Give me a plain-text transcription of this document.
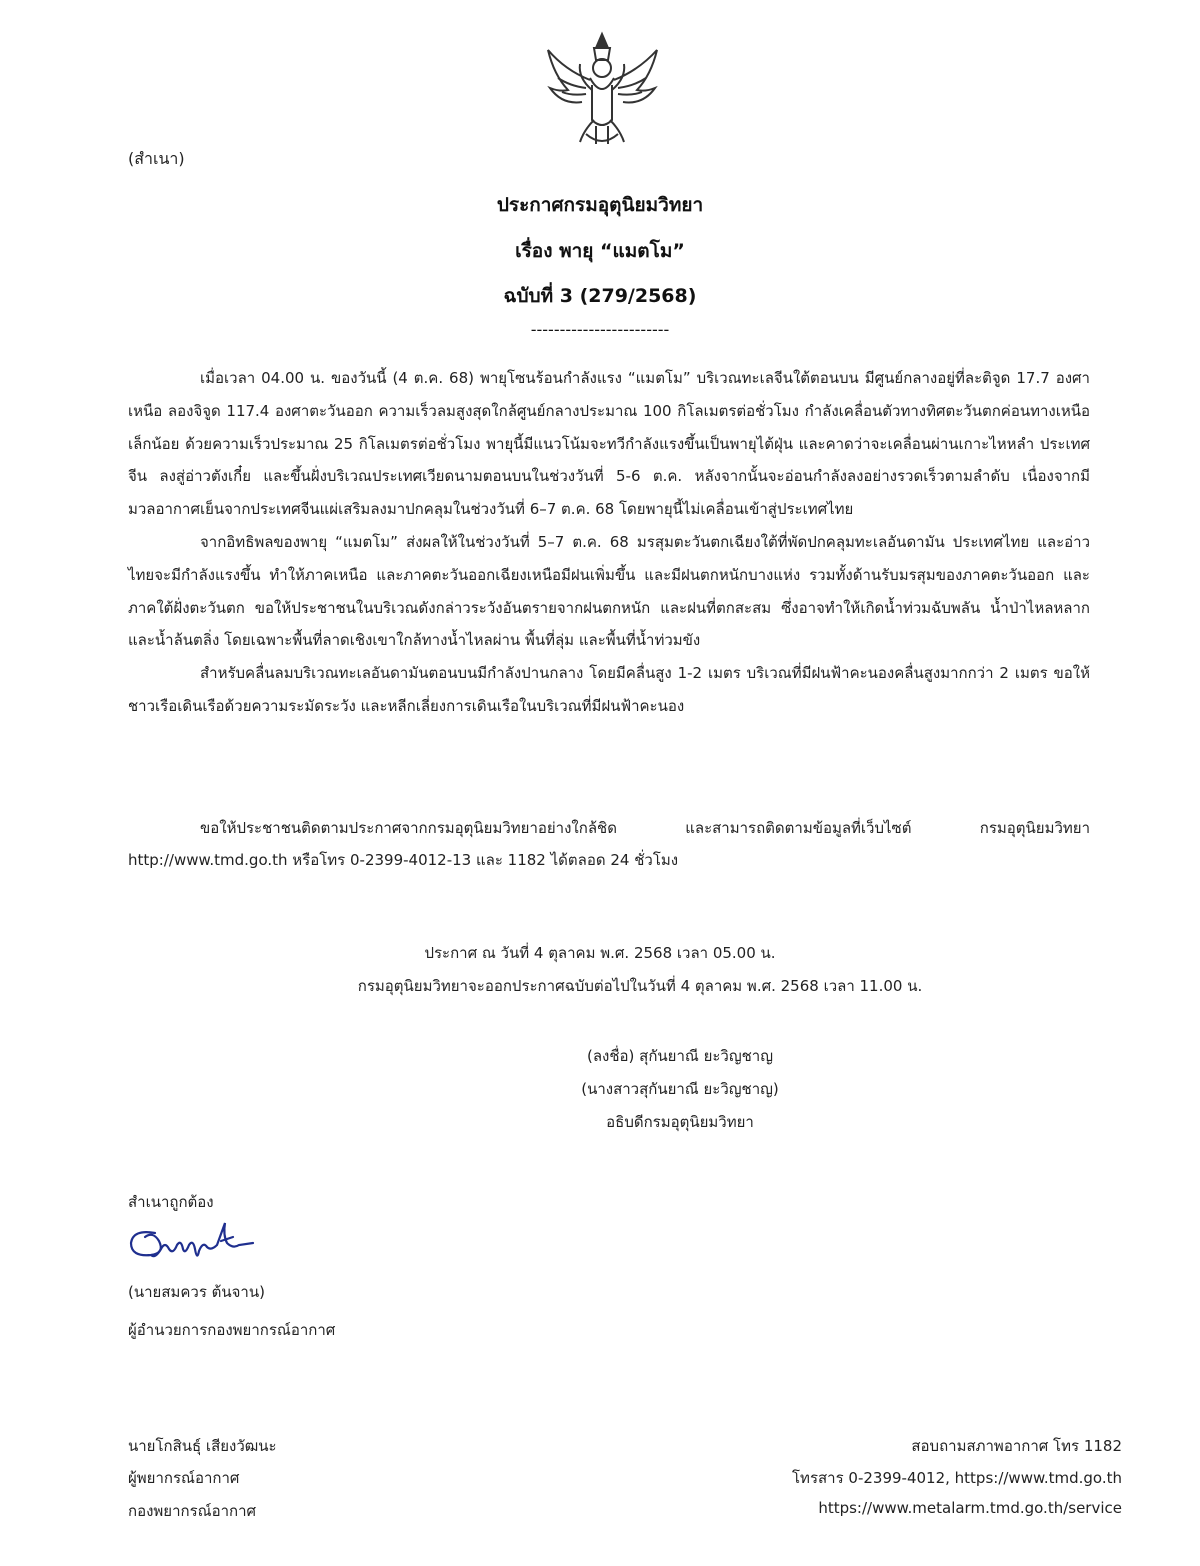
(สำเนา)
ประกาศกรมอุตุนิยมวิทยา
เรื่อง พายุ “แมตโม”
ฉบับที่ 3 (279/2568)
------------------------

เมื่อเวลา 04.00 น. ของวันนี้ (4 ต.ค. 68) พายุโซนร้อนกำลังแรง “แมตโม” บริเวณทะเลจีนใต้ตอนบน มีศูนย์กลางอยู่ที่ละติจูด 17.7 องศาเหนือ ลองจิจูด 117.4 องศาตะวันออก ความเร็วลมสูงสุดใกล้ศูนย์กลางประมาณ 100 กิโลเมตรต่อชั่วโมง กำลังเคลื่อนตัวทางทิศตะวันตกค่อนทางเหนือเล็กน้อย ด้วยความเร็วประมาณ 25 กิโลเมตรต่อชั่วโมง พายุนี้มีแนวโน้มจะทวีกำลังแรงขึ้นเป็นพายุไต้ฝุ่น และคาดว่าจะเคลื่อนผ่านเกาะไหหลำ ประเทศจีน ลงสู่อ่าวตังเกี๋ย และขึ้นฝั่งบริเวณประเทศเวียดนามตอนบนในช่วงวันที่ 5-6 ต.ค. หลังจากนั้นจะอ่อนกำลังลงอย่างรวดเร็วตามลำดับ เนื่องจากมีมวลอากาศเย็นจากประเทศจีนแผ่เสริมลงมาปกคลุมในช่วงวันที่ 6–7 ต.ค. 68 โดยพายุนี้ไม่เคลื่อนเข้าสู่ประเทศไทย

จากอิทธิพลของพายุ “แมตโม” ส่งผลให้ในช่วงวันที่ 5–7 ต.ค. 68 มรสุมตะวันตกเฉียงใต้ที่พัดปกคลุมทะเลอันดามัน ประเทศไทย และอ่าวไทยจะมีกำลังแรงขึ้น ทำให้ภาคเหนือ และภาคตะวันออกเฉียงเหนือมีฝนเพิ่มขึ้น และมีฝนตกหนักบางแห่ง รวมทั้งด้านรับมรสุมของภาคตะวันออก และภาคใต้ฝั่งตะวันตก ขอให้ประชาชนในบริเวณดังกล่าวระวังอันตรายจากฝนตกหนัก และฝนที่ตกสะสม ซึ่งอาจทำให้เกิดน้ำท่วมฉับพลัน น้ำป่าไหลหลาก และน้ำล้นตลิ่ง โดยเฉพาะพื้นที่ลาดเชิงเขาใกล้ทางน้ำไหลผ่าน พื้นที่ลุ่ม และพื้นที่น้ำท่วมขัง

สำหรับคลื่นลมบริเวณทะเลอันดามันตอนบนมีกำลังปานกลาง โดยมีคลื่นสูง 1-2 เมตร บริเวณที่มีฝนฟ้าคะนองคลื่นสูงมากกว่า 2 เมตร ขอให้ชาวเรือเดินเรือด้วยความระมัดระวัง และหลีกเลี่ยงการเดินเรือในบริเวณที่มีฝนฟ้าคะนอง

ขอให้ประชาชนติดตามประกาศจากกรมอุตุนิยมวิทยาอย่างใกล้ชิด และสามารถติดตามข้อมูลที่เว็บไซต์ กรมอุตุนิยมวิทยา http://www.tmd.go.th หรือโทร 0-2399-4012-13 และ 1182 ได้ตลอด 24 ชั่วโมง

ประกาศ ณ วันที่ 4 ตุลาคม พ.ศ. 2568 เวลา 05.00 น.
กรมอุตุนิยมวิทยาจะออกประกาศฉบับต่อไปในวันที่ 4 ตุลาคม พ.ศ. 2568 เวลา 11.00 น.
(ลงชื่อ) สุกันยาณี ยะวิญชาญ
(นางสาวสุกันยาณี ยะวิญชาญ)
อธิบดีกรมอุตุนิยมวิทยา
สำเนาถูกต้อง
(นายสมควร ต้นจาน)
ผู้อำนวยการกองพยากรณ์อากาศ
นายโกสินธุ์ เสียงวัฒนะ
ผู้พยากรณ์อากาศ
กองพยากรณ์อากาศ
สอบถามสภาพอากาศ โทร 1182
โทรสาร 0-2399-4012, https://www.tmd.go.th
https://www.metalarm.tmd.go.th/service
